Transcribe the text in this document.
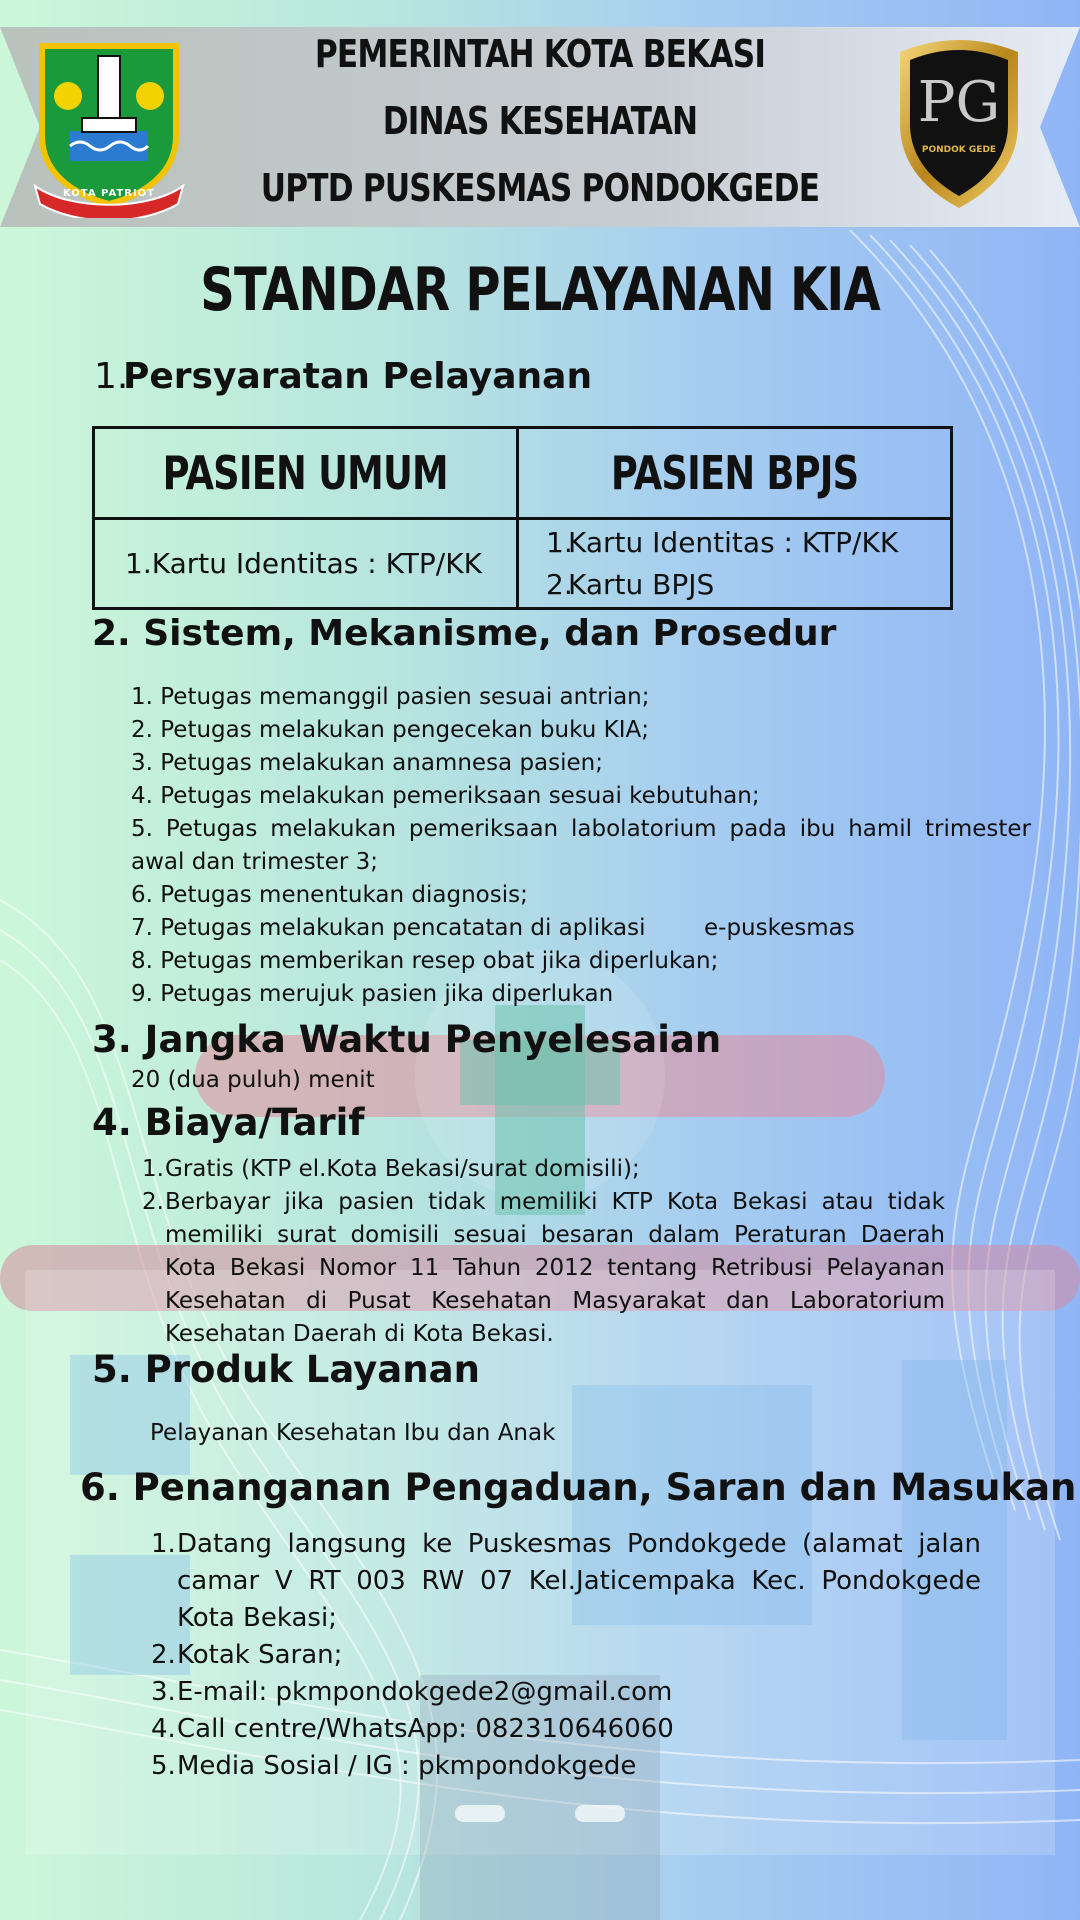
KOTA PATRIOT
PG
PONDOK GEDE
PEMERINTAH KOTA BEKASI
DINAS KESEHATAN
UPTD PUSKESMAS PONDOKGEDE
STANDAR PELAYANAN KIA
1.
Persyaratan Pelayanan
PASIEN UMUM	PASIEN BPJS

1.Kartu Identitas : KTP/KK	1.Kartu Identitas : KTP/KK
2.Kartu BPJS
2. Sistem, Mekanisme, dan Prosedur
1. Petugas memanggil pasien sesuai antrian;
2. Petugas melakukan pengecekan buku KIA;
3. Petugas melakukan anamnesa pasien;
4. Petugas melakukan pemeriksaan sesuai kebutuhan;
5. Petugas melakukan pemeriksaan labolatorium pada ibu hamil trimester awal dan trimester 3;
6. Petugas menentukan diagnosis;
7. Petugas melakukan pencatatan di aplikasi        e-puskesmas
8. Petugas memberikan resep obat jika diperlukan;
9. Petugas merujuk pasien jika diperlukan
3. Jangka Waktu Penyelesaian
20 (dua puluh) menit
4. Biaya/Tarif
1. Gratis (KTP el.Kota Bekasi/surat domisili);
2. Berbayar jika pasien tidak memiliki KTP Kota Bekasi atau tidak memiliki surat domisili sesuai besaran dalam Peraturan Daerah Kota Bekasi Nomor 11 Tahun 2012 tentang Retribusi Pelayanan Kesehatan di Pusat Kesehatan Masyarakat dan Laboratorium Kesehatan Daerah di Kota Bekasi.
5. Produk Layanan
Pelayanan Kesehatan Ibu dan Anak
6. Penanganan Pengaduan, Saran dan Masukan
1. Datang langsung ke Puskesmas Pondokgede (alamat jalan camar V RT 003 RW 07 Kel.Jaticempaka Kec. Pondokgede Kota Bekasi;
2. Kotak Saran;
3. E-mail: pkmpondokgede2@gmail.com
4. Call centre/WhatsApp: 082310646060
5. Media Sosial / IG : pkmpondokgede
